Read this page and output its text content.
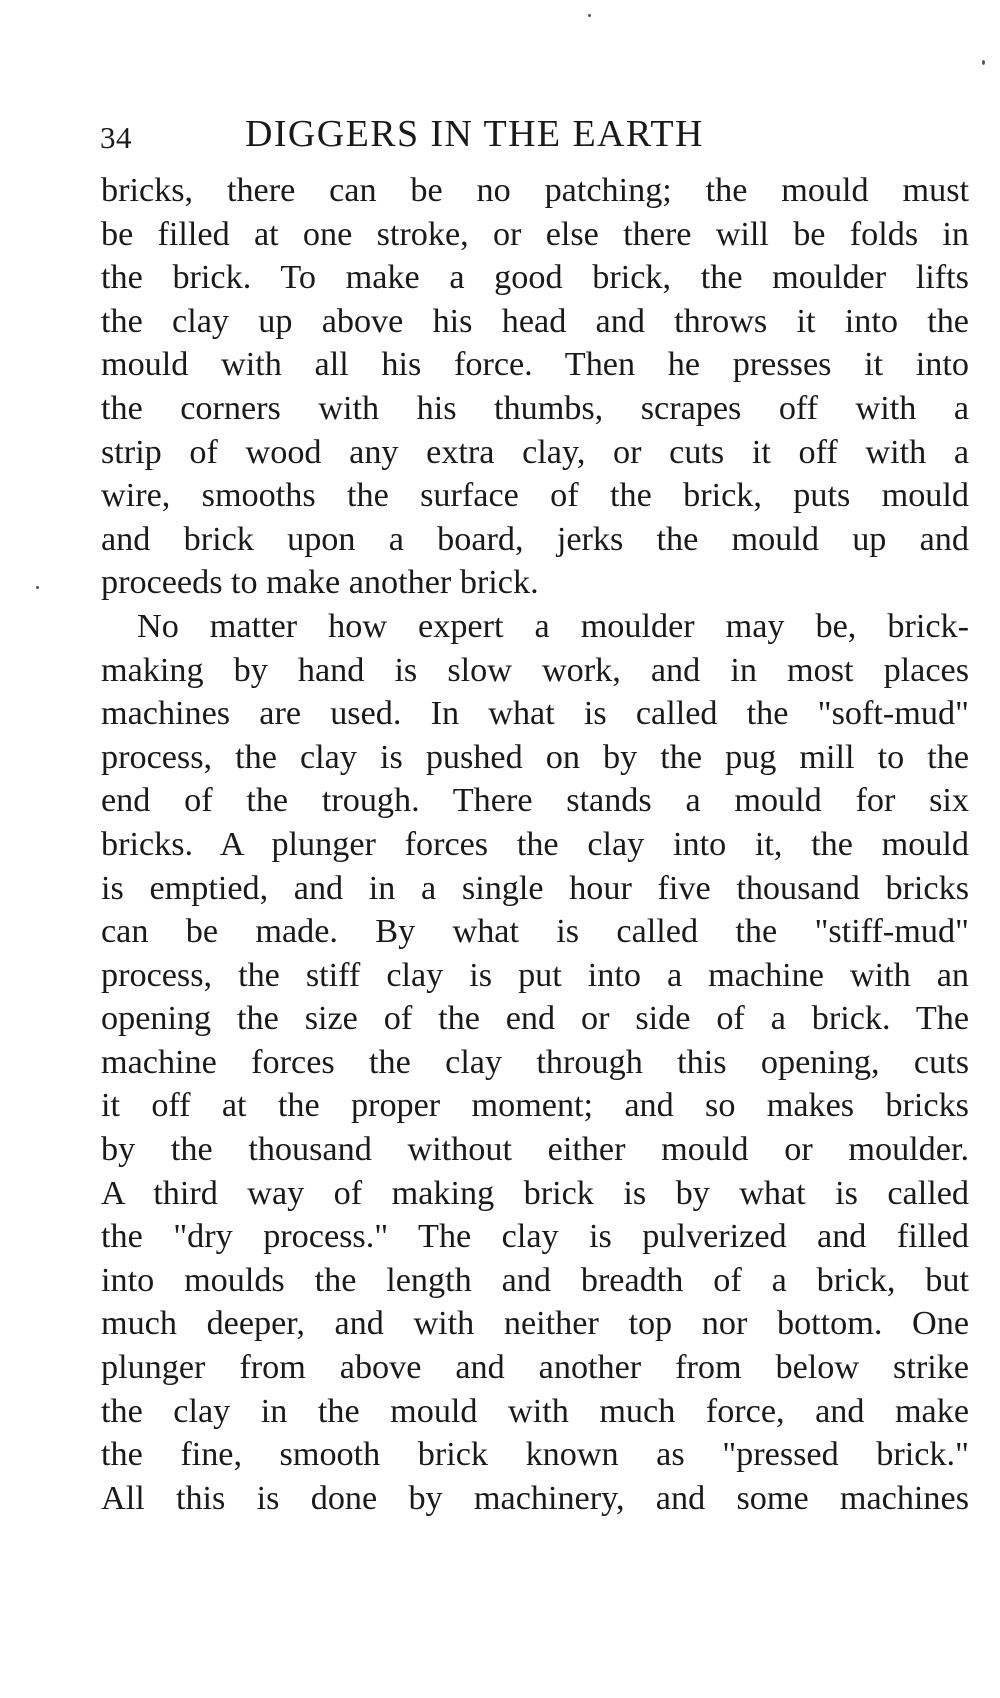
34	DIGGERS IN THE EARTH
bricks, there can be no patching; the mould must
be filled at one stroke, or else there will be folds in
the brick. To make a good brick, the moulder lifts
the clay up above his head and throws it into the
mould with all his force. Then he presses it into
the corners with his thumbs, scrapes off with a
strip of wood any extra clay, or cuts it off with a
wire, smooths the surface of the brick, puts mould
and brick upon a board, jerks the mould up and
proceeds to make another brick.
No matter how expert a moulder may be, brick-
making by hand is slow work, and in most places
machines are used. In what is called the "soft-mud"
process, the clay is pushed on by the pug mill to the
end of the trough. There stands a mould for six
bricks. A plunger forces the clay into it, the mould
is emptied, and in a single hour five thousand bricks
can be made. By what is called the "stiff-mud"
process, the stiff clay is put into a machine with an
opening the size of the end or side of a brick. The
machine forces the clay through this opening, cuts
it off at the proper moment; and so makes bricks
by the thousand without either mould or moulder.
A third way of making brick is by what is called
the "dry process." The clay is pulverized and filled
into moulds the length and breadth of a brick, but
much deeper, and with neither top nor bottom. One
plunger from above and another from below strike
the clay in the mould with much force, and make
the fine, smooth brick known as "pressed brick."
All this is done by machinery, and some machines
